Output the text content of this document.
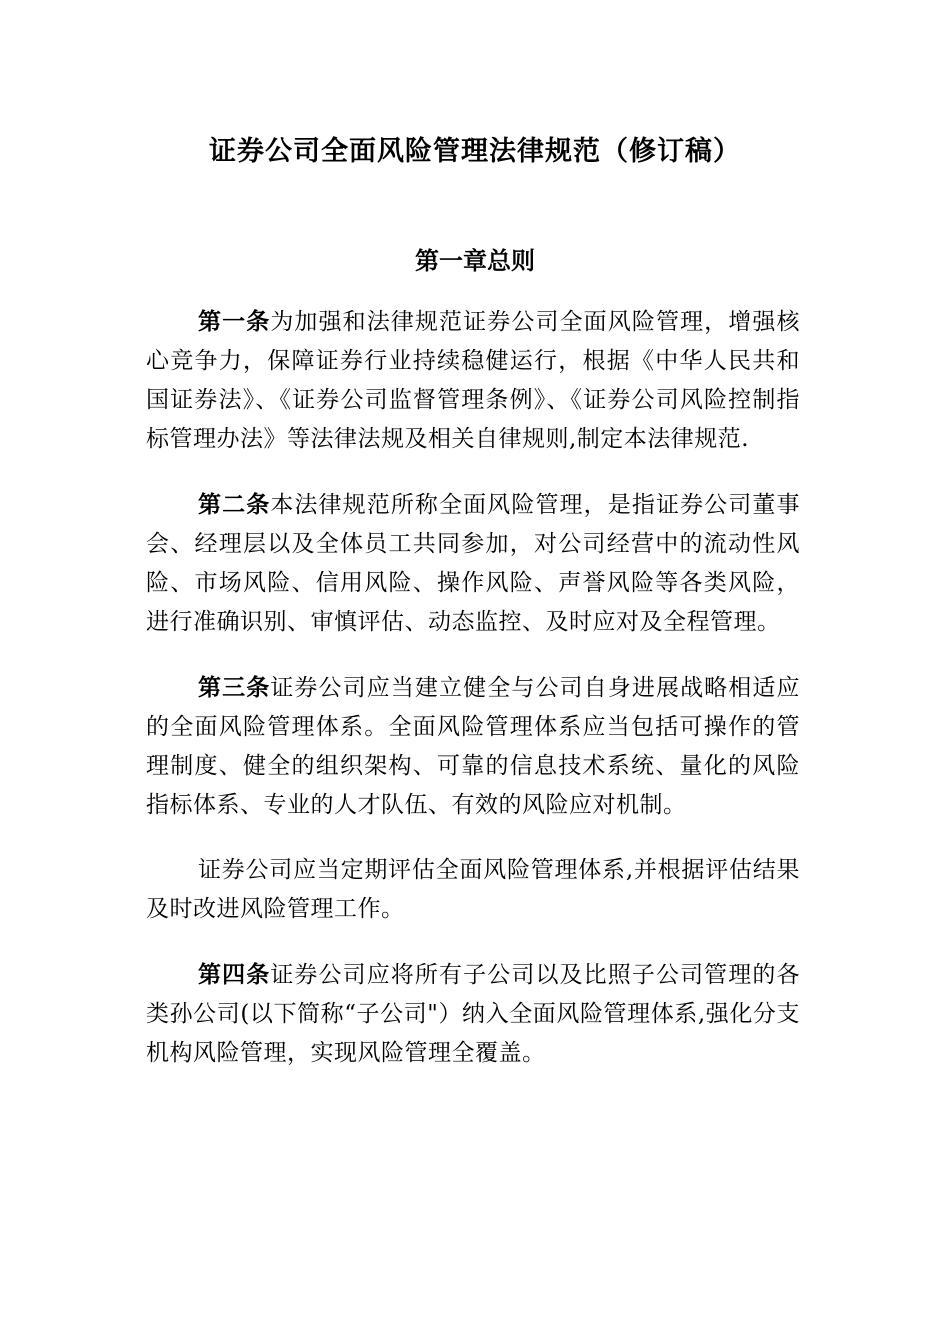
证券公司全面风险管理法律规范（修订稿）
第一章总则

第一条为加强和法律规范证券公司全面风险管理，增强核心竞争力，保障证券行业持续稳健运行，根据《中华人民共和国证券法》、《证券公司监督管理条例》、《证券公司风险控制指标管理办法》等法律法规及相关自律规则,制定本法律规范.

第二条本法律规范所称全面风险管理，是指证券公司董事会、经理层以及全体员工共同参加，对公司经营中的流动性风险、市场风险、信用风险、操作风险、声誉风险等各类风险，进行准确识别、审慎评估、动态监控、及时应对及全程管理。

第三条证券公司应当建立健全与公司自身进展战略相适应的全面风险管理体系。全面风险管理体系应当包括可操作的管理制度、健全的组织架构、可靠的信息技术系统、量化的风险指标体系、专业的人才队伍、有效的风险应对机制。

证券公司应当定期评估全面风险管理体系,并根据评估结果及时改进风险管理工作。

第四条证券公司应将所有子公司以及比照子公司管理的各类孙公司(以下简称“子公司"）纳入全面风险管理体系,强化分支机构风险管理，实现风险管理全覆盖。
